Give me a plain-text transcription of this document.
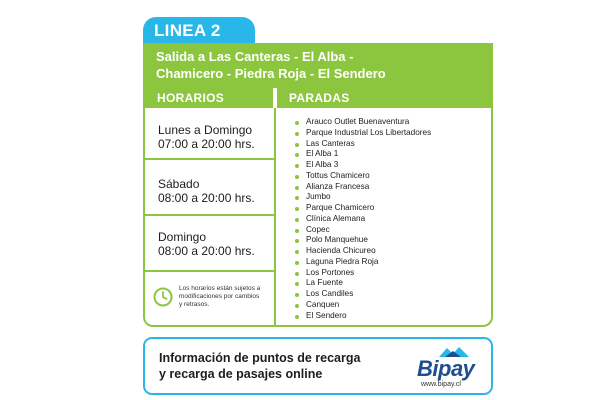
LINEA 2
Salida a Las Canteras - El Alba -
Chamicero - Piedra Roja - El Sendero
HORARIOS	PARADAS
Lunes a Domingo
07:00 a 20:00 hrs.
Sábado
08:00 a 20:00 hrs.
Domingo
08:00 a 20:00 hrs.
Los horarios están sujetos a
modificaciones por cambios
y retrasos.
Arauco Outlet Buenaventura
Parque Industrial Los Libertadores
Las Canteras
El Alba 1
El Alba 3
Tottus Chamicero
Alianza Francesa
Jumbo
Parque Chamicero
Clínica Alemana
Copec
Polo Manquehue
Hacienda Chicureo
Laguna Piedra Roja
Los Portones
La Fuente
Los Candiles
Canquen
El Sendero
Información de puntos de recarga
y recarga de pasajes online	Bipay
www.bipay.cl
